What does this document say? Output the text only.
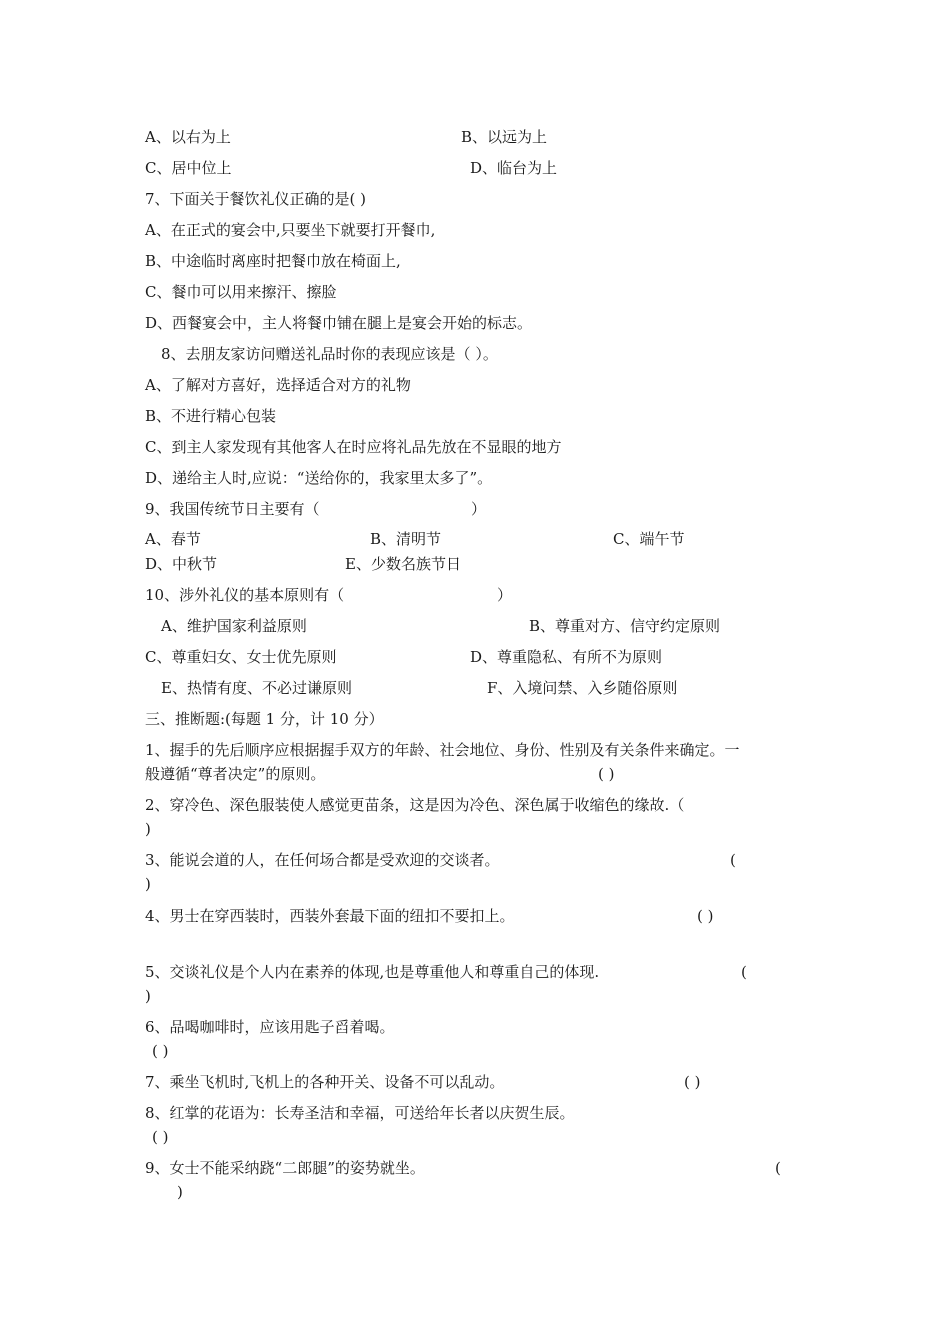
A、以右为上	B、以远为上
C、居中位上	D、临台为上
7、下面关于餐饮礼仪正确的是( )
A、在正式的宴会中,只要坐下就要打开餐巾,
B、中途临时离座时把餐巾放在椅面上,
C、餐巾可以用来擦汗、擦脸
D、西餐宴会中，主人将餐巾铺在腿上是宴会开始的标志。
8、去朋友家访问赠送礼品时你的表现应该是（ ）。
A、了解对方喜好，选择适合对方的礼物
B、不进行精心包装
C、到主人家发现有其他客人在时应将礼品先放在不显眼的地方
D、递给主人时,应说：“送给你的，我家里太多了”。
9、我国传统节日主要有（	）
A、春节	B、清明节	C、端午节
D、中秋节	E、少数名族节日
10、涉外礼仪的基本原则有（	）
A、维护国家利益原则	B、尊重对方、信守约定原则
C、尊重妇女、女士优先原则	D、尊重隐私、有所不为原则
E、热情有度、不必过谦原则	F、入境问禁、入乡随俗原则
三、推断题:(每题 1 分，计 10 分）
1、握手的先后顺序应根据握手双方的年龄、社会地位、身份、性别及有关条件来确定。一
般遵循“尊者决定”的原则。	( )
2、穿冷色、深色服装使人感觉更苗条，这是因为冷色、深色属于收缩色的缘故.（
)
3、能说会道的人，在任何场合都是受欢迎的交谈者。	(
)
4、男士在穿西装时，西装外套最下面的纽扣不要扣上。	( )
5、交谈礼仪是个人内在素养的体现,也是尊重他人和尊重自己的体现.	(
)
6、品喝咖啡时，应该用匙子舀着喝。
( )
7、乘坐飞机时,飞机上的各种开关、设备不可以乱动。	( )
8、红掌的花语为：长寿圣洁和幸福，可送给年长者以庆贺生辰。
( )
9、女士不能采纳跷“二郎腿”的姿势就坐。	(
)
